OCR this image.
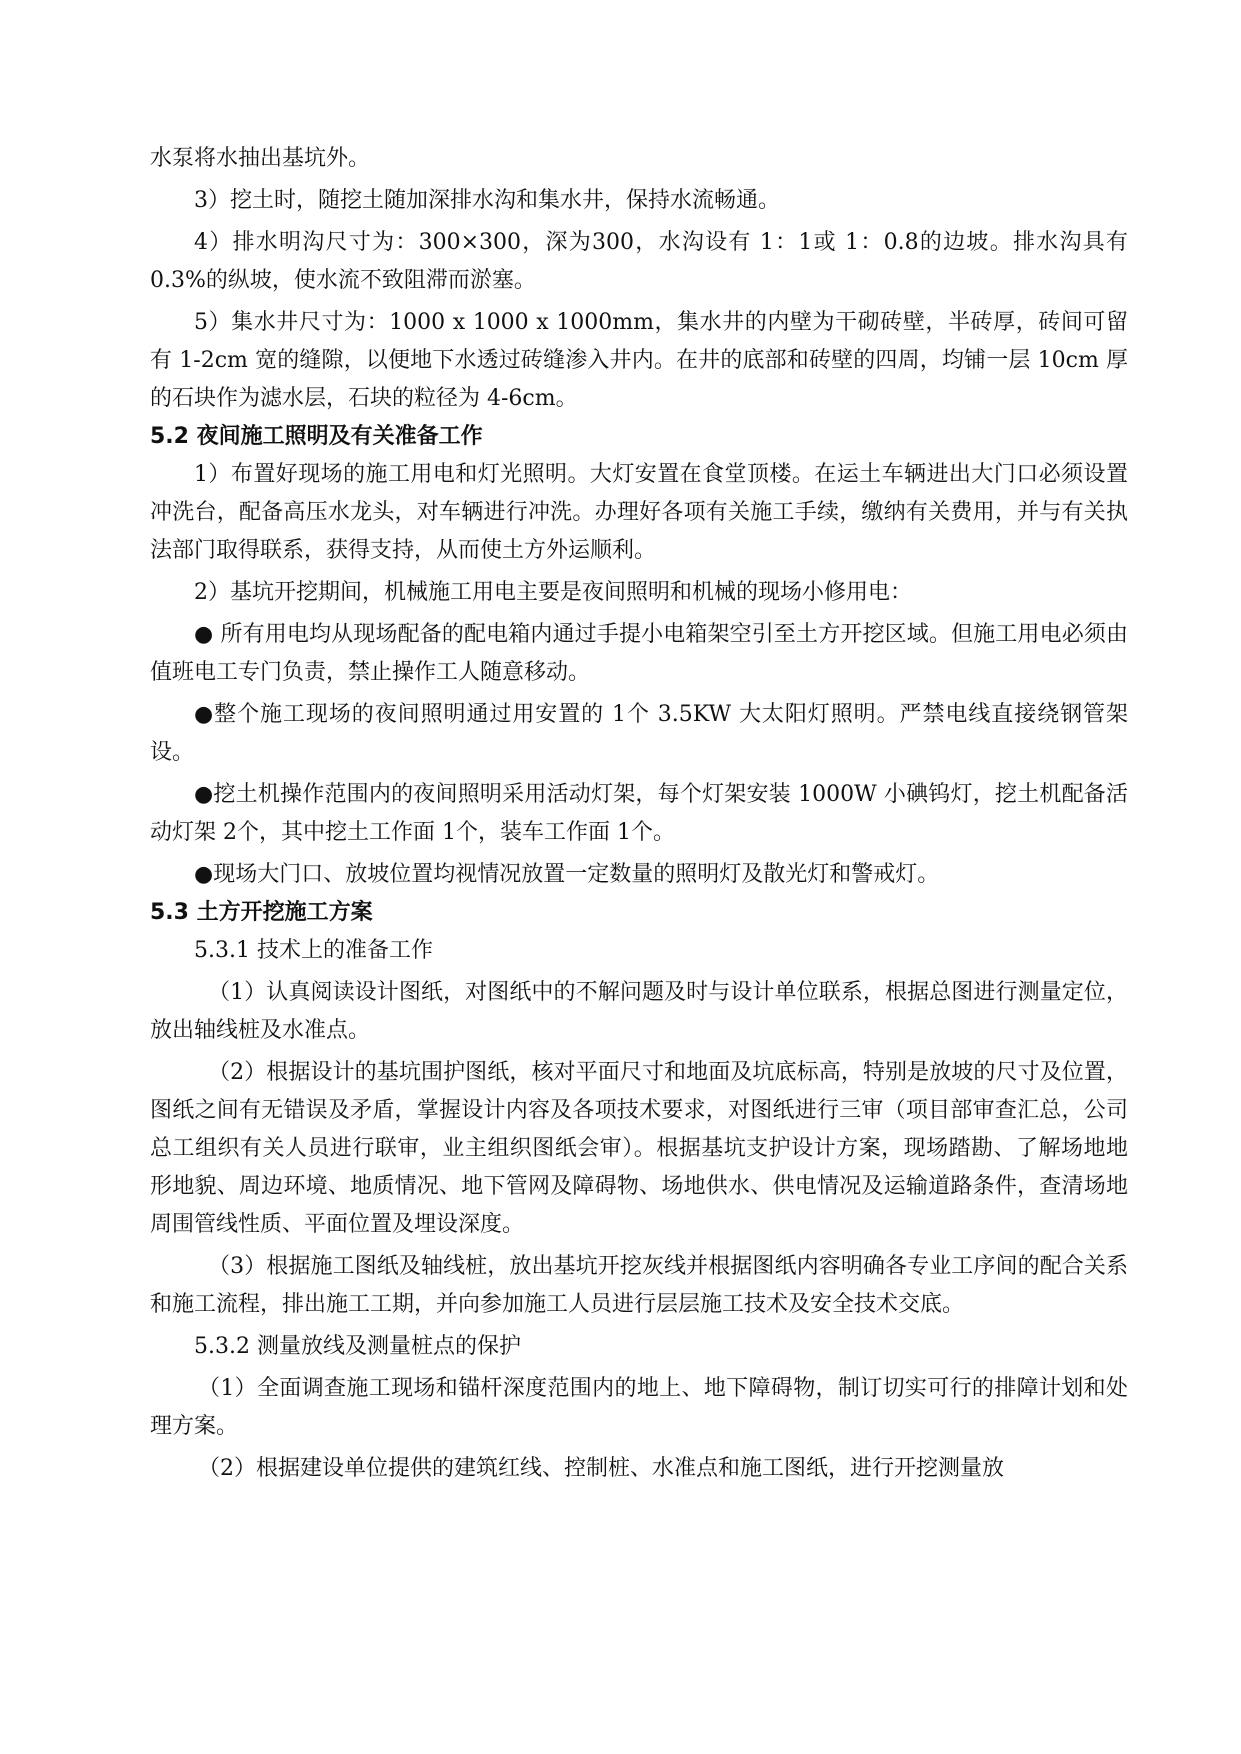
水泵将水抽出基坑外。

3）挖土时，随挖土随加深排水沟和集水井，保持水流畅通。

4）排水明沟尺寸为：300×300，深为300，水沟设有 1：1或 1：0.8的边坡。排水沟具有 0.3%的纵坡，使水流不致阻滞而淤塞。

5）集水井尺寸为：1000 x 1000 x 1000mm，集水井的内壁为干砌砖壁，半砖厚，砖间可留有 1-2cm 宽的缝隙，以便地下水透过砖缝渗入井内。在井的底部和砖壁的四周，均铺一层 10cm 厚的石块作为滤水层，石块的粒径为 4-6cm。

5.2 夜间施工照明及有关准备工作

1）布置好现场的施工用电和灯光照明。大灯安置在食堂顶楼。在运土车辆进出大门口必须设置冲洗台，配备高压水龙头，对车辆进行冲洗。办理好各项有关施工手续，缴纳有关费用，并与有关执法部门取得联系，获得支持，从而使土方外运顺利。

2）基坑开挖期间，机械施工用电主要是夜间照明和机械的现场小修用电：

● 所有用电均从现场配备的配电箱内通过手提小电箱架空引至土方开挖区域。但施工用电必须由值班电工专门负责，禁止操作工人随意移动。

●整个施工现场的夜间照明通过用安置的 1个 3.5KW 大太阳灯照明。严禁电线直接绕钢管架设。

●挖土机操作范围内的夜间照明采用活动灯架，每个灯架安装 1000W 小碘钨灯，挖土机配备活动灯架 2个，其中挖土工作面 1个，装车工作面 1个。

●现场大门口、放坡位置均视情况放置一定数量的照明灯及散光灯和警戒灯。

5.3 土方开挖施工方案

5.3.1 技术上的准备工作

（1）认真阅读设计图纸，对图纸中的不解问题及时与设计单位联系，根据总图进行测量定位，放出轴线桩及水准点。

（2）根据设计的基坑围护图纸，核对平面尺寸和地面及坑底标高，特别是放坡的尺寸及位置，图纸之间有无错误及矛盾，掌握设计内容及各项技术要求，对图纸进行三审（项目部审查汇总，公司总工组织有关人员进行联审，业主组织图纸会审）。根据基坑支护设计方案，现场踏勘、了解场地地形地貌、周边环境、地质情况、地下管网及障碍物、场地供水、供电情况及运输道路条件，查清场地周围管线性质、平面位置及埋设深度。

（3）根据施工图纸及轴线桩，放出基坑开挖灰线并根据图纸内容明确各专业工序间的配合关系和施工流程，排出施工工期，并向参加施工人员进行层层施工技术及安全技术交底。

5.3.2 测量放线及测量桩点的保护

（1）全面调查施工现场和锚杆深度范围内的地上、地下障碍物，制订切实可行的排障计划和处理方案。

（2）根据建设单位提供的建筑红线、控制桩、水准点和施工图纸，进行开挖测量放
